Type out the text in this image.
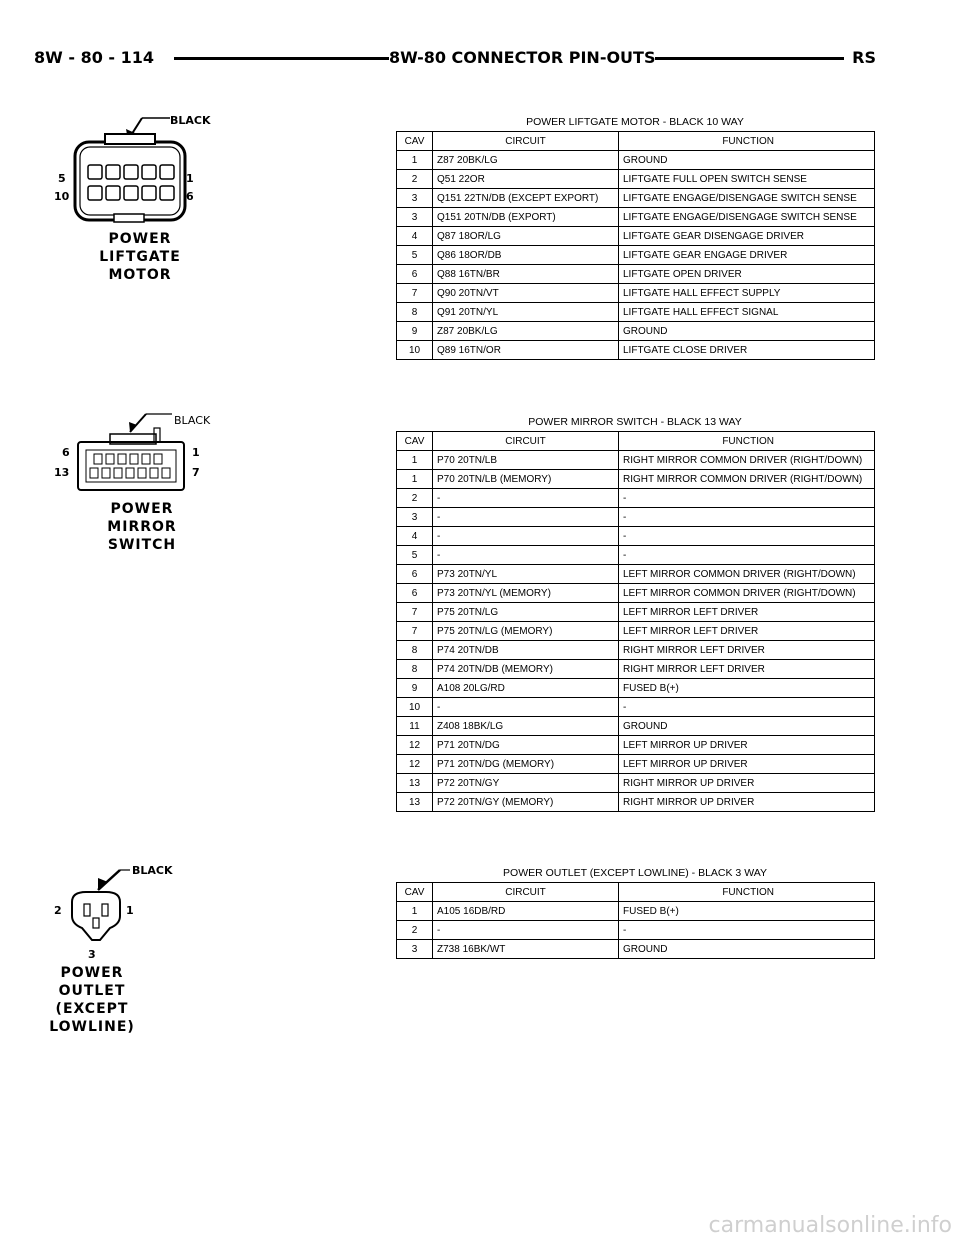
8W - 80 - 114	8W-80 CONNECTOR PIN-OUTS	RS
BLACK
5	1
10	6
POWER
LIFTGATE
MOTOR
BLACK
6	1
13	7
POWER
MIRROR
SWITCH
BLACK
2	1
3
POWER
OUTLET
(EXCEPT
LOWLINE)
POWER LIFTGATE MOTOR - BLACK 10 WAY
CAV	CIRCUIT	FUNCTION
1	Z87 20BK/LG	GROUND
2	Q51 22OR	LIFTGATE FULL OPEN SWITCH SENSE
3	Q151 22TN/DB (EXCEPT EXPORT)	LIFTGATE ENGAGE/DISENGAGE SWITCH SENSE
3	Q151 20TN/DB (EXPORT)	LIFTGATE ENGAGE/DISENGAGE SWITCH SENSE
4	Q87 18OR/LG	LIFTGATE GEAR DISENGAGE DRIVER
5	Q86 18OR/DB	LIFTGATE GEAR ENGAGE DRIVER
6	Q88 16TN/BR	LIFTGATE OPEN DRIVER
7	Q90 20TN/VT	LIFTGATE HALL EFFECT SUPPLY
8	Q91 20TN/YL	LIFTGATE HALL EFFECT SIGNAL
9	Z87 20BK/LG	GROUND
10	Q89 16TN/OR	LIFTGATE CLOSE DRIVER
POWER MIRROR SWITCH - BLACK 13 WAY
CAV	CIRCUIT	FUNCTION
1	P70 20TN/LB	RIGHT MIRROR COMMON DRIVER (RIGHT/DOWN)
1	P70 20TN/LB (MEMORY)	RIGHT MIRROR COMMON DRIVER (RIGHT/DOWN)
2	-	-
3	-	-
4	-	-
5	-	-
6	P73 20TN/YL	LEFT MIRROR COMMON DRIVER (RIGHT/DOWN)
6	P73 20TN/YL (MEMORY)	LEFT MIRROR COMMON DRIVER (RIGHT/DOWN)
7	P75 20TN/LG	LEFT MIRROR LEFT DRIVER
7	P75 20TN/LG (MEMORY)	LEFT MIRROR LEFT DRIVER
8	P74 20TN/DB	RIGHT MIRROR LEFT DRIVER
8	P74 20TN/DB (MEMORY)	RIGHT MIRROR LEFT DRIVER
9	A108 20LG/RD	FUSED B(+)
10	-	-
11	Z408 18BK/LG	GROUND
12	P71 20TN/DG	LEFT MIRROR UP DRIVER
12	P71 20TN/DG (MEMORY)	LEFT MIRROR UP DRIVER
13	P72 20TN/GY	RIGHT MIRROR UP DRIVER
13	P72 20TN/GY (MEMORY)	RIGHT MIRROR UP DRIVER
POWER OUTLET (EXCEPT LOWLINE) - BLACK 3 WAY
CAV	CIRCUIT	FUNCTION
1	A105 16DB/RD	FUSED B(+)
2	-	-
3	Z738 16BK/WT	GROUND
carmanualsonline.info
